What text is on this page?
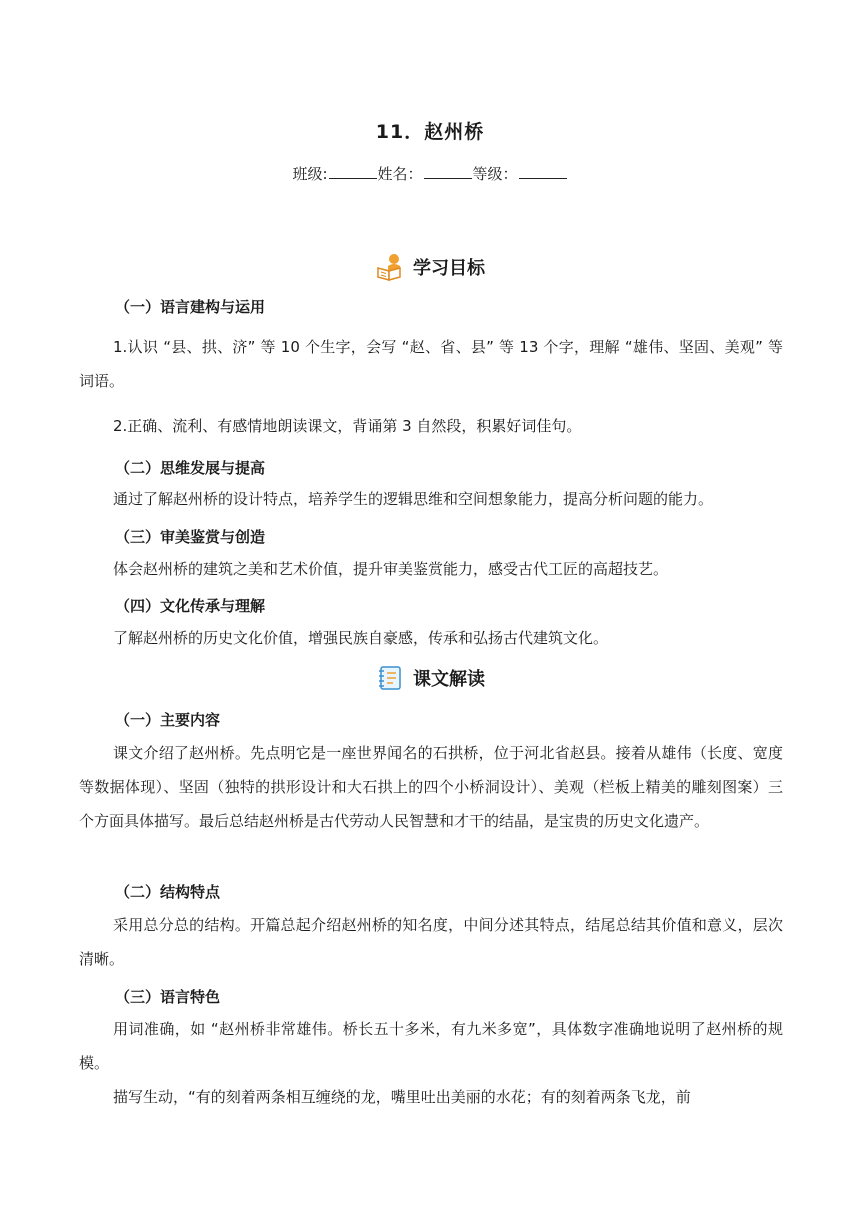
11．赵州桥
班级:	姓名：	等级：
学习目标
（一）语言建构与运用
1.认识 “县、拱、济” 等 10 个生字，会写 “赵、省、县” 等 13 个字，理解 “雄伟、坚固、美观” 等词语。
2.正确、流利、有感情地朗读课文，背诵第 3 自然段，积累好词佳句。
（二）思维发展与提高
通过了解赵州桥的设计特点，培养学生的逻辑思维和空间想象能力，提高分析问题的能力。
（三）审美鉴赏与创造
体会赵州桥的建筑之美和艺术价值，提升审美鉴赏能力，感受古代工匠的高超技艺。
（四）文化传承与理解
了解赵州桥的历史文化价值，增强民族自豪感，传承和弘扬古代建筑文化。
课文解读
（一）主要内容
课文介绍了赵州桥。先点明它是一座世界闻名的石拱桥，位于河北省赵县。接着从雄伟（长度、宽度等数据体现）、坚固（独特的拱形设计和大石拱上的四个小桥洞设计）、美观（栏板上精美的雕刻图案）三个方面具体描写。最后总结赵州桥是古代劳动人民智慧和才干的结晶，是宝贵的历史文化遗产。
（二）结构特点
采用总分总的结构。开篇总起介绍赵州桥的知名度，中间分述其特点，结尾总结其价值和意义，层次清晰。
（三）语言特色
用词准确，如 “赵州桥非常雄伟。桥长五十多米，有九米多宽”，具体数字准确地说明了赵州桥的规模。
描写生动，“有的刻着两条相互缠绕的龙，嘴里吐出美丽的水花；有的刻着两条飞龙，前
